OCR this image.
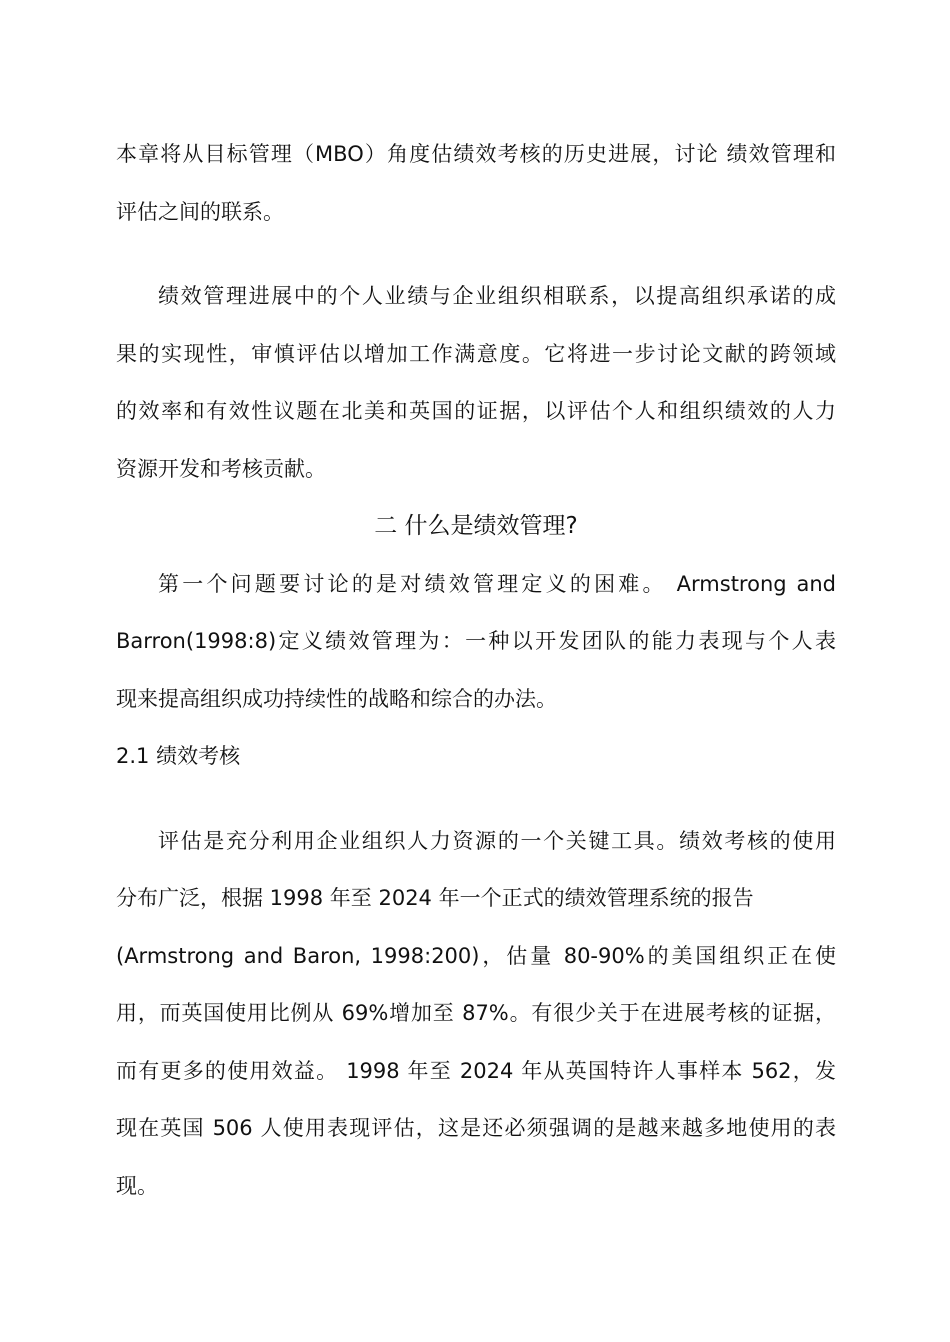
本章将从目标管理（MBO）角度估绩效考核的历史进展，讨论 绩效管理和
评估之间的联系。
绩效管理进展中的个人业绩与企业组织相联系，以提高组织承诺的成
果的实现性，审慎评估以增加工作满意度。它将进一步讨论文献的跨领域
的效率和有效性议题在北美和英国的证据，以评估个人和组织绩效的人力
资源开发和考核贡献。
二 什么是绩效管理?
第一个问题要讨论的是对绩效管理定义的困难。 Armstrong and
Barron(1998:8)定义绩效管理为：一种以开发团队的能力表现与个人表
现来提高组织成功持续性的战略和综合的办法。
2.1 绩效考核
评估是充分利用企业组织人力资源的一个关键工具。绩效考核的使用
分布广泛，根据 1998 年至 2024 年一个正式的绩效管理系统的报告
(Armstrong and Baron, 1998:200)，估量 80-90%的美国组织正在使
用，而英国使用比例从 69%增加至 87%。有很少关于在进展考核的证据，
而有更多的使用效益。 1998 年至 2024 年从英国特许人事样本 562，发
现在英国 506 人使用表现评估，这是还必须强调的是越来越多地使用的表
现。
